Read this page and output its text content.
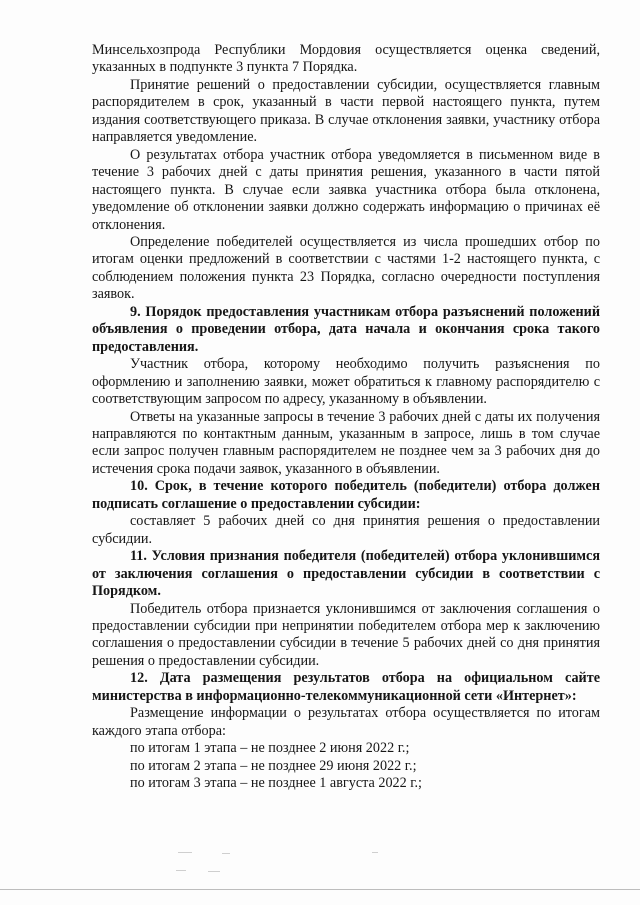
Минсельхозпрода Республики Мордовия осуществляется оценка сведений, указанных в подпункте 3 пункта 7 Порядка.

Принятие решений о предоставлении субсидии, осуществляется главным распорядителем в срок, указанный в части первой настоящего пункта, путем издания соответствующего приказа. В случае отклонения заявки, участнику отбора направляется уведомление.

О результатах отбора участник отбора уведомляется в письменном виде в течение 3 рабочих дней с даты принятия решения, указанного в части пятой настоящего пункта. В случае если заявка участника отбора была отклонена, уведомление об отклонении заявки должно содержать информацию о причинах её отклонения.

Определение победителей осуществляется из числа прошедших отбор по итогам оценки предложений в соответствии с частями 1-2 настоящего пункта, с соблюдением положения пункта 23 Порядка, согласно очередности поступления заявок.

9. Порядок предоставления участникам отбора разъяснений положений объявления о проведении отбора, дата начала и окончания срока такого предоставления.

Участник отбора, которому необходимо получить разъяснения по оформлению и заполнению заявки, может обратиться к главному распорядителю с соответствующим запросом по адресу, указанному в объявлении.

Ответы на указанные запросы в течение 3 рабочих дней с даты их получения направляются по контактным данным, указанным в запросе, лишь в том случае если запрос получен главным распорядителем не позднее чем за 3 рабочих дня до истечения срока подачи заявок, указанного в объявлении.

10. Срок, в течение которого победитель (победители) отбора должен подписать соглашение о предоставлении субсидии:

составляет 5 рабочих дней со дня принятия решения о предоставлении субсидии.

11. Условия признания победителя (победителей) отбора уклонившимся от заключения соглашения о предоставлении субсидии в соответствии с Порядком.

Победитель отбора признается уклонившимся от заключения соглашения о предоставлении субсидии при непринятии победителем отбора мер к заключению соглашения о предоставлении субсидии в течение 5 рабочих дней со дня принятия решения о предоставлении субсидии.

12. Дата размещения результатов отбора на официальном сайте министерства в информационно-телекоммуникационной сети «Интернет»:

Размещение информации о результатах отбора осуществляется по итогам каждого этапа отбора:

по итогам 1 этапа – не позднее 2 июня 2022 г.;

по итогам 2 этапа – не позднее 29 июня 2022 г.;

по итогам 3 этапа – не позднее 1 августа 2022 г.;
